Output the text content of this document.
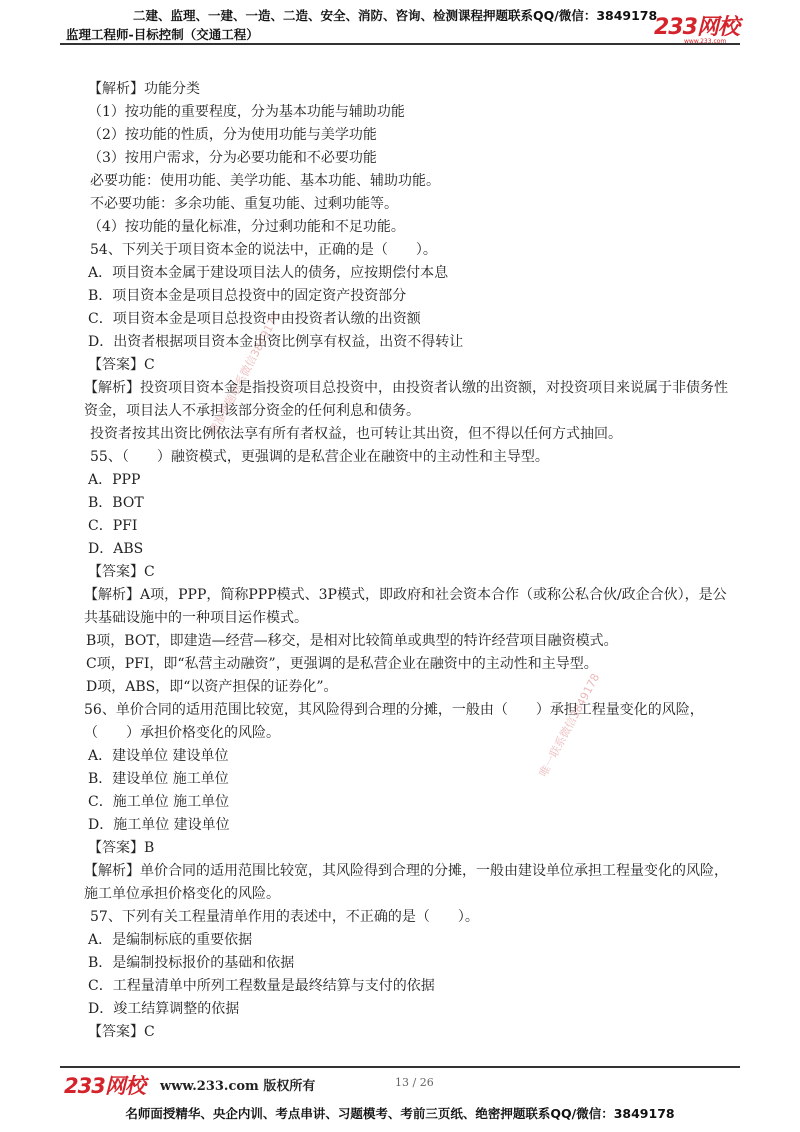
二建、监理、一建、一造、二造、安全、消防、咨询、检测课程押题联系QQ/微信：3849178
监理工程师-目标控制（交通工程）	233网校
www.233.com
精准押题联系微信3849178
唯一联系微信3849178
【解析】功能分类
（1）按功能的重要程度，分为基本功能与辅助功能
（2）按功能的性质，分为使用功能与美学功能
（3）按用户需求，分为必要功能和不必要功能
必要功能：使用功能、美学功能、基本功能、辅助功能。
不必要功能：多余功能、重复功能、过剩功能等。
（4）按功能的量化标准，分过剩功能和不足功能。
54、下列关于项目资本金的说法中，正确的是（　　）。
A．项目资本金属于建设项目法人的债务，应按期偿付本息
B．项目资本金是项目总投资中的固定资产投资部分
C．项目资本金是项目总投资中由投资者认缴的出资额
D．出资者根据项目资本金出资比例享有权益，出资不得转让
【答案】C
【解析】投资项目资本金是指投资项目总投资中，由投资者认缴的出资额，对投资项目来说属于非债务性资金，项目法人不承担该部分资金的任何利息和债务。
投资者按其出资比例依法享有所有者权益，也可转让其出资，但不得以任何方式抽回。
55、（　　）融资模式，更强调的是私营企业在融资中的主动性和主导型。
A．PPP
B．BOT
C．PFI
D．ABS
【答案】C
【解析】A项，PPP，简称PPP模式、3P模式，即政府和社会资本合作（或称公私合伙/政企合伙），是公共基础设施中的一种项目运作模式。
B项，BOT，即建造—经营—移交，是相对比较简单或典型的特许经营项目融资模式。
C项，PFI，即“私营主动融资”，更强调的是私营企业在融资中的主动性和主导型。
D项，ABS，即“以资产担保的证券化”。
56、单价合同的适用范围比较宽，其风险得到合理的分摊，一般由（　　）承担工程量变化的风险，（　　）承担价格变化的风险。
A．建设单位 建设单位
B．建设单位 施工单位
C．施工单位 施工单位
D．施工单位 建设单位
【答案】B
【解析】单价合同的适用范围比较宽，其风险得到合理的分摊，一般由建设单位承担工程量变化的风险，施工单位承担价格变化的风险。
57、下列有关工程量清单作用的表述中，不正确的是（　　）。
A．是编制标底的重要依据
B．是编制投标报价的基础和依据
C．工程量清单中所列工程数量是最终结算与支付的依据
D．竣工结算调整的依据
【答案】C
233网校 www.233.com 版权所有	13 / 26
名师面授精华、央企内训、考点串讲、习题模考、考前三页纸、绝密押题联系QQ/微信：3849178
